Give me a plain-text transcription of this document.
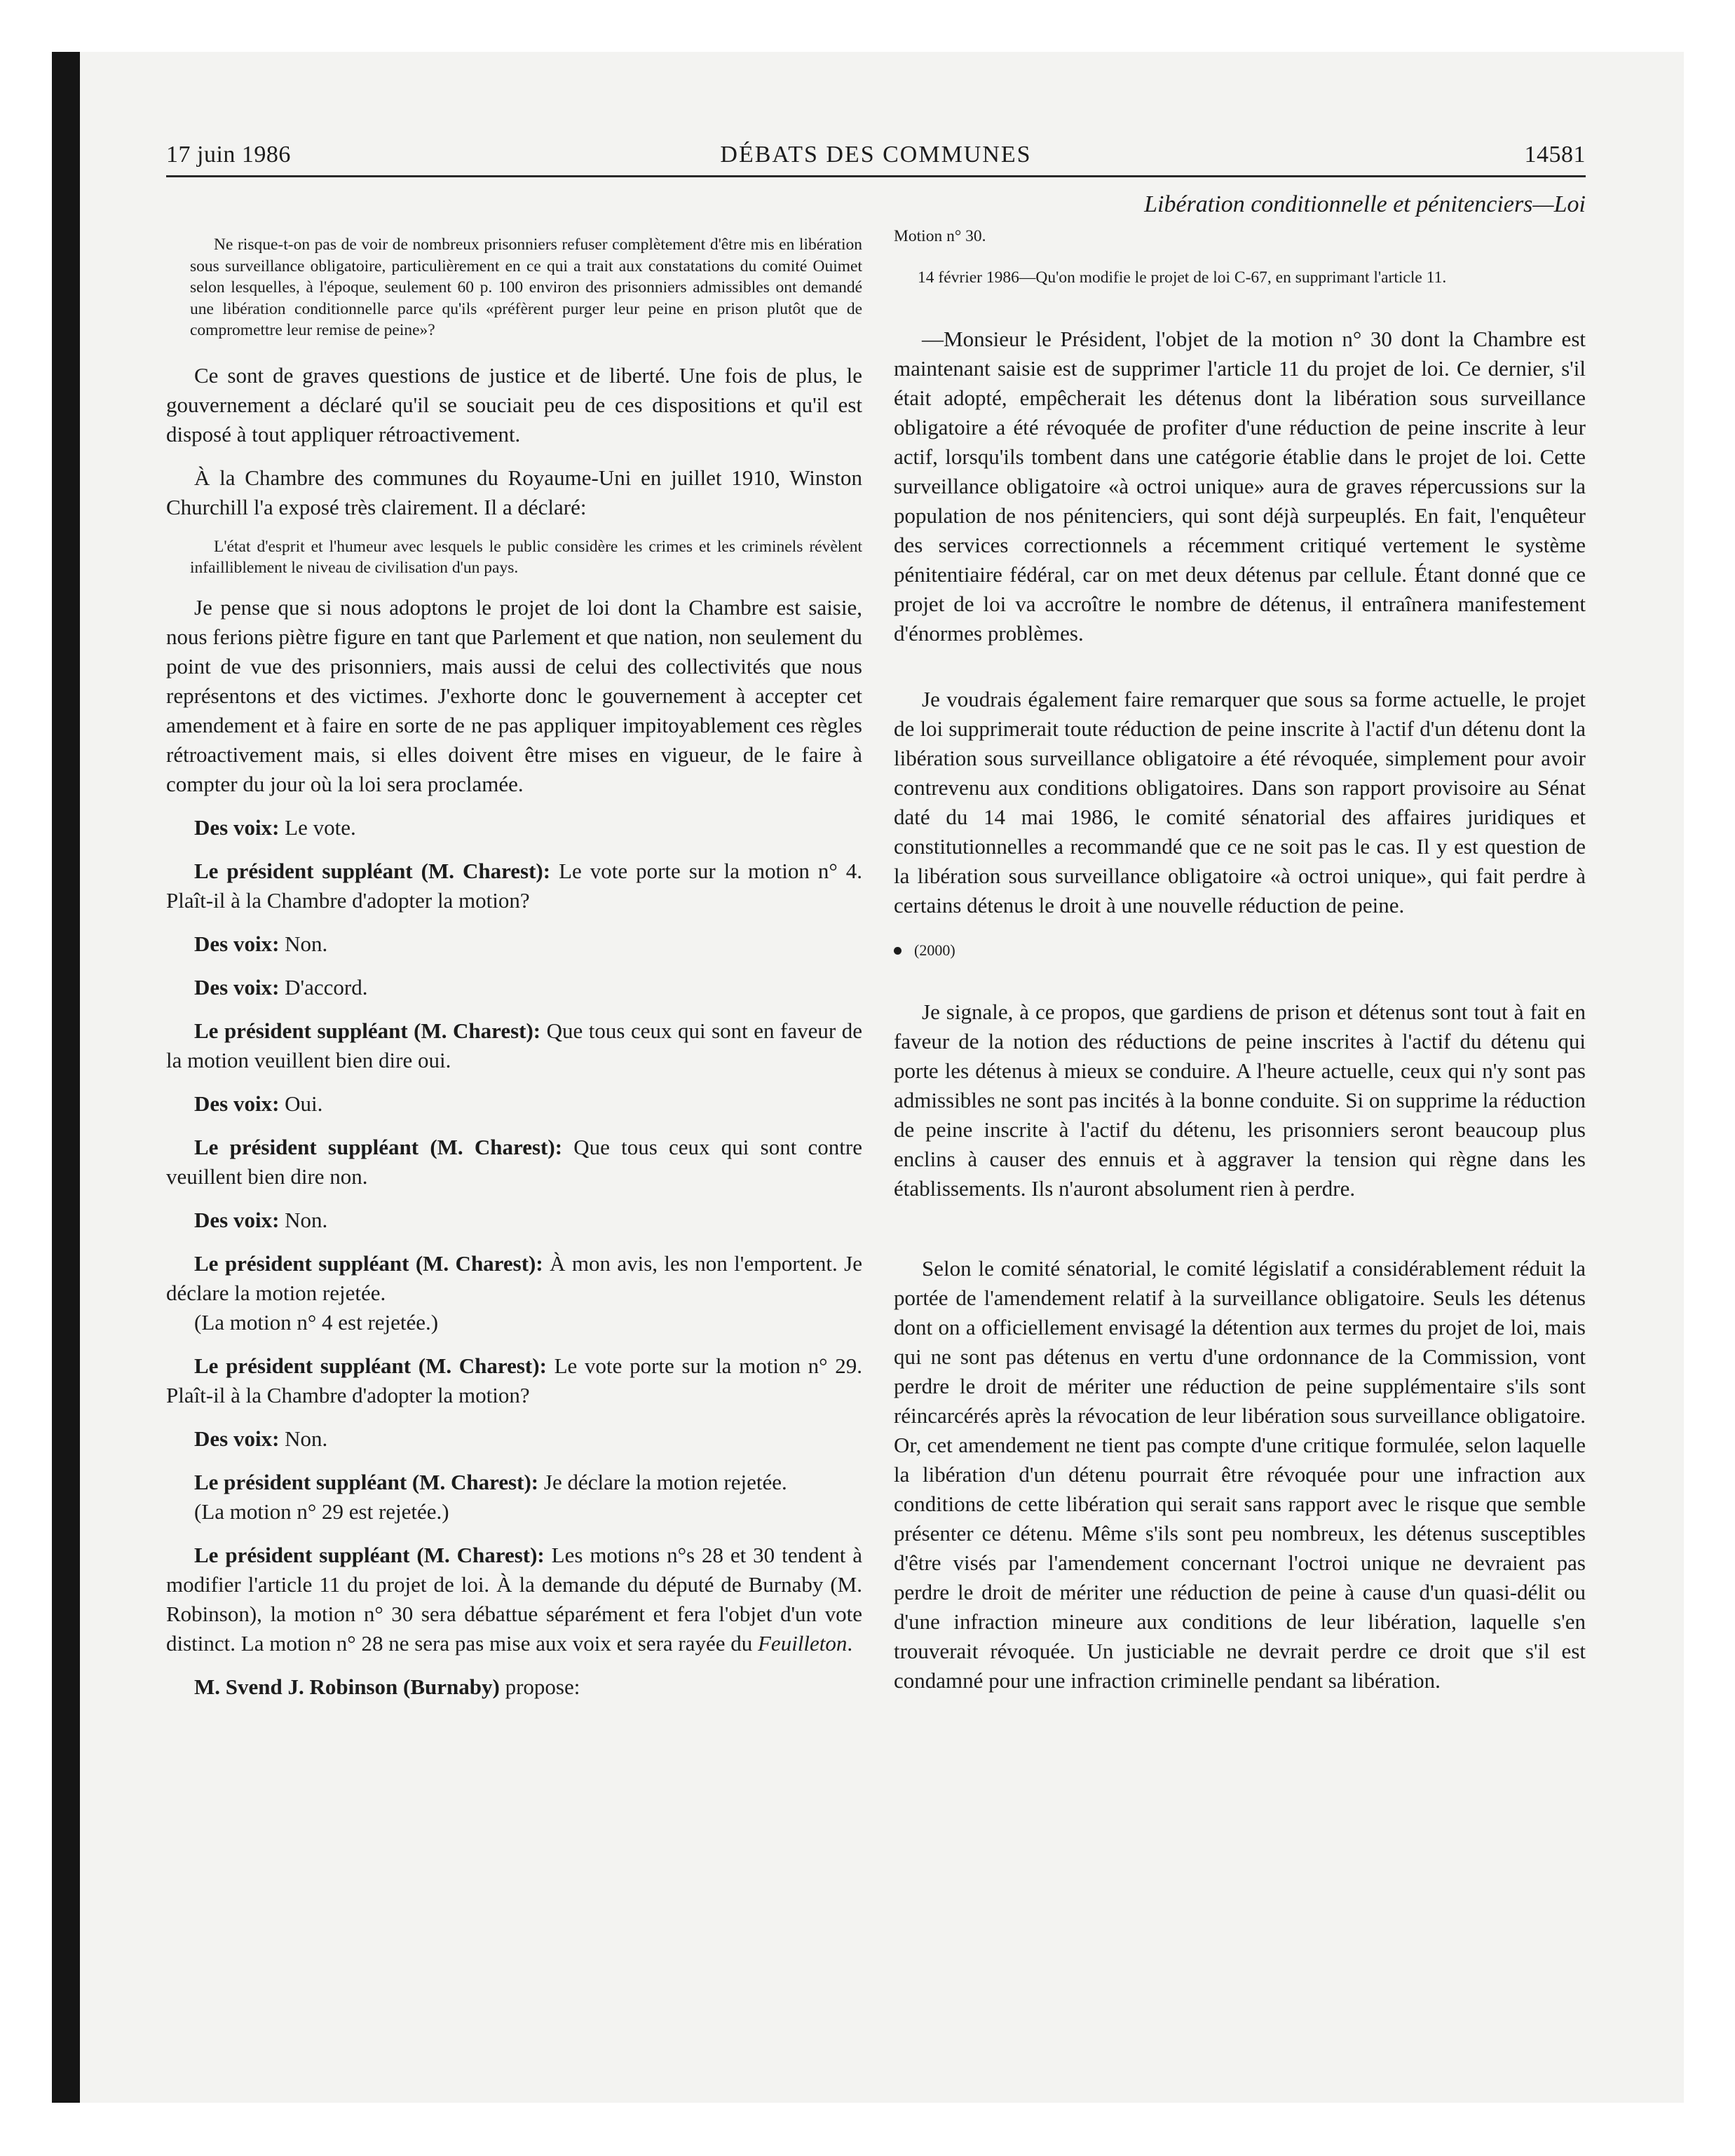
17 juin 1986	DÉBATS DES COMMUNES	14581

Ne risque-t-on pas de voir de nombreux prisonniers refuser complètement d'être mis en libération sous surveillance obligatoire, particulièrement en ce qui a trait aux constatations du comité Ouimet selon lesquelles, à l'époque, seulement 60 p. 100 environ des prisonniers admissibles ont demandé une libération conditionnelle parce qu'ils «préfèrent purger leur peine en prison plutôt que de compromettre leur remise de peine»?

Ce sont de graves questions de justice et de liberté. Une fois de plus, le gouvernement a déclaré qu'il se souciait peu de ces dispositions et qu'il est disposé à tout appliquer rétroactivement.

À la Chambre des communes du Royaume-Uni en juillet 1910, Winston Churchill l'a exposé très clairement. Il a déclaré:

L'état d'esprit et l'humeur avec lesquels le public considère les crimes et les criminels révèlent infailliblement le niveau de civilisation d'un pays.

Je pense que si nous adoptons le projet de loi dont la Chambre est saisie, nous ferions piètre figure en tant que Parlement et que nation, non seulement du point de vue des prisonniers, mais aussi de celui des collectivités que nous représentons et des victimes. J'exhorte donc le gouvernement à accepter cet amendement et à faire en sorte de ne pas appliquer impitoyablement ces règles rétroactivement mais, si elles doivent être mises en vigueur, de le faire à compter du jour où la loi sera proclamée.

Des voix: Le vote.

Le président suppléant (M. Charest): Le vote porte sur la motion n° 4. Plaît-il à la Chambre d'adopter la motion?

Des voix: Non.

Des voix: D'accord.

Le président suppléant (M. Charest): Que tous ceux qui sont en faveur de la motion veuillent bien dire oui.

Des voix: Oui.

Le président suppléant (M. Charest): Que tous ceux qui sont contre veuillent bien dire non.

Des voix: Non.

Le président suppléant (M. Charest): À mon avis, les non l'emportent. Je déclare la motion rejetée.

(La motion n° 4 est rejetée.)

Le président suppléant (M. Charest): Le vote porte sur la motion n° 29. Plaît-il à la Chambre d'adopter la motion?

Des voix: Non.

Le président suppléant (M. Charest): Je déclare la motion rejetée.

(La motion n° 29 est rejetée.)

Le président suppléant (M. Charest): Les motions n°s 28 et 30 tendent à modifier l'article 11 du projet de loi. À la demande du député de Burnaby (M. Robinson), la motion n° 30 sera débattue séparément et fera l'objet d'un vote distinct. La motion n° 28 ne sera pas mise aux voix et sera rayée du Feuilleton.

M. Svend J. Robinson (Burnaby) propose:

Libération conditionnelle et pénitenciers—Loi

Motion n° 30.

14 février 1986—Qu'on modifie le projet de loi C-67, en supprimant l'article 11.

—Monsieur le Président, l'objet de la motion n° 30 dont la Chambre est maintenant saisie est de supprimer l'article 11 du projet de loi. Ce dernier, s'il était adopté, empêcherait les détenus dont la libération sous surveillance obligatoire a été révoquée de profiter d'une réduction de peine inscrite à leur actif, lorsqu'ils tombent dans une catégorie établie dans le projet de loi. Cette surveillance obligatoire «à octroi unique» aura de graves répercussions sur la population de nos pénitenciers, qui sont déjà surpeuplés. En fait, l'enquêteur des services correctionnels a récemment critiqué vertement le système pénitentiaire fédéral, car on met deux détenus par cellule. Étant donné que ce projet de loi va accroître le nombre de détenus, il entraînera manifestement d'énormes problèmes.

Je voudrais également faire remarquer que sous sa forme actuelle, le projet de loi supprimerait toute réduction de peine inscrite à l'actif d'un détenu dont la libération sous surveillance obligatoire a été révoquée, simplement pour avoir contrevenu aux conditions obligatoires. Dans son rapport provisoire au Sénat daté du 14 mai 1986, le comité sénatorial des affaires juridiques et constitutionnelles a recommandé que ce ne soit pas le cas. Il y est question de la libération sous surveillance obligatoire «à octroi unique», qui fait perdre à certains détenus le droit à une nouvelle réduction de peine.

(2000)

Je signale, à ce propos, que gardiens de prison et détenus sont tout à fait en faveur de la notion des réductions de peine inscrites à l'actif du détenu qui porte les détenus à mieux se conduire. A l'heure actuelle, ceux qui n'y sont pas admissibles ne sont pas incités à la bonne conduite. Si on supprime la réduction de peine inscrite à l'actif du détenu, les prisonniers seront beaucoup plus enclins à causer des ennuis et à aggraver la tension qui règne dans les établissements. Ils n'auront absolument rien à perdre.

Selon le comité sénatorial, le comité législatif a considérablement réduit la portée de l'amendement relatif à la surveillance obligatoire. Seuls les détenus dont on a officiellement envisagé la détention aux termes du projet de loi, mais qui ne sont pas détenus en vertu d'une ordonnance de la Commission, vont perdre le droit de mériter une réduction de peine supplémentaire s'ils sont réincarcérés après la révocation de leur libération sous surveillance obligatoire. Or, cet amendement ne tient pas compte d'une critique formulée, selon laquelle la libération d'un détenu pourrait être révoquée pour une infraction aux conditions de cette libération qui serait sans rapport avec le risque que semble présenter ce détenu. Même s'ils sont peu nombreux, les détenus susceptibles d'être visés par l'amendement concernant l'octroi unique ne devraient pas perdre le droit de mériter une réduction de peine à cause d'un quasi-délit ou d'une infraction mineure aux conditions de leur libération, laquelle s'en trouverait révoquée. Un justiciable ne devrait perdre ce droit que s'il est condamné pour une infraction criminelle pendant sa libération.
